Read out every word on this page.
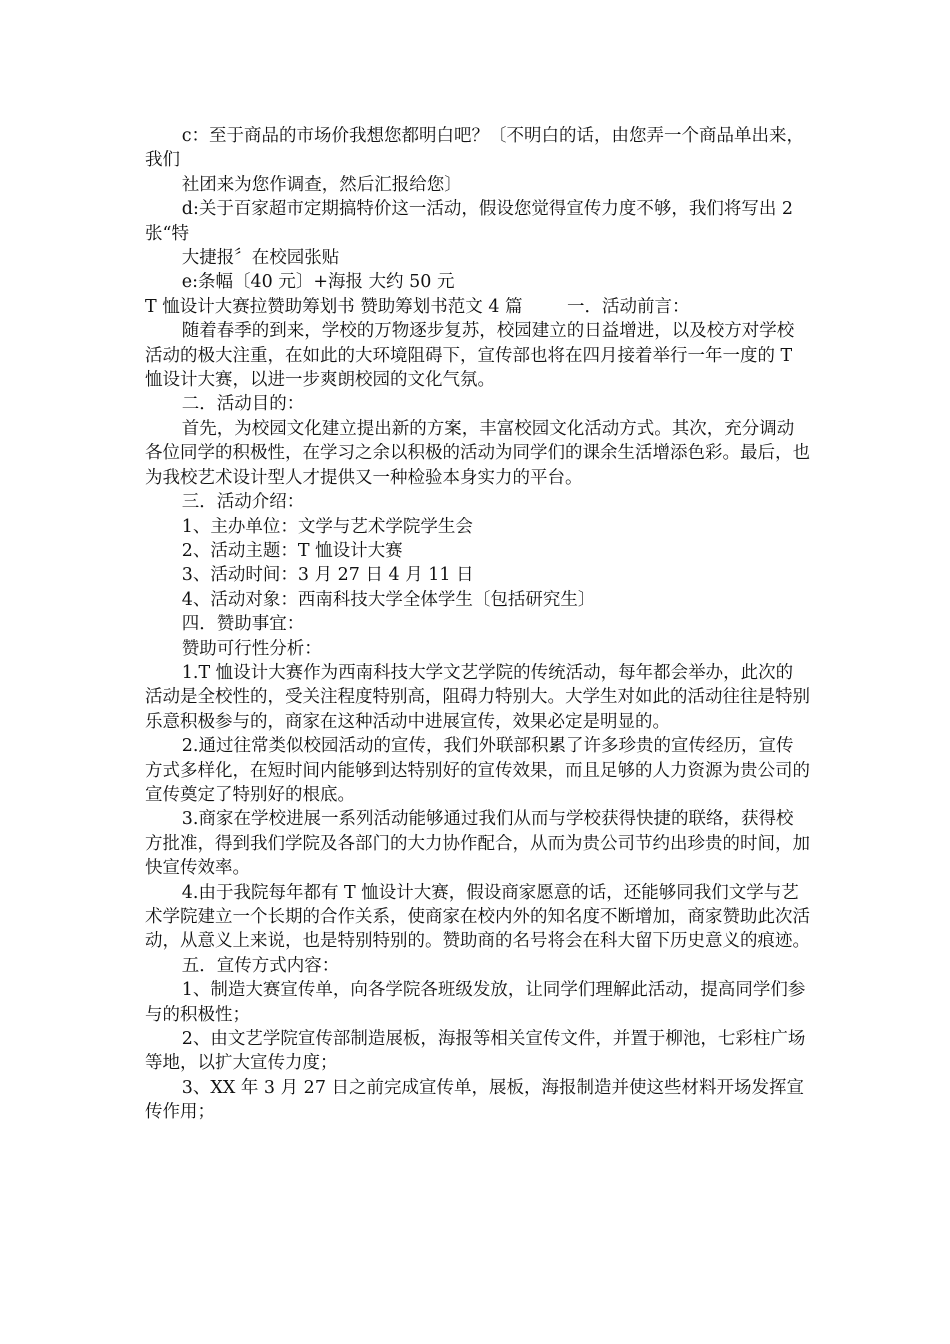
c：至于商品的市场价我想您都明白吧？〔不明白的话，由您弄一个商品单出来，我们

社团来为您作调查，然后汇报给您〕

d:关于百家超市定期搞特价这一活动，假设您觉得宣传力度不够，我们将写出 2 张“特

大捷报〞在校园张贴

e:条幅〔40 元〕+海报 大约 50 元

T 恤设计大赛拉赞助筹划书 赞助筹划书范文 4 篇        一．活动前言：

随着春季的到来，学校的万物逐步复苏，校园建立的日益增进，以及校方对学校活动的极大注重，在如此的大环境阻碍下，宣传部也将在四月接着举行一年一度的 T 恤设计大赛，以进一步爽朗校园的文化气氛。

二．活动目的：

首先，为校园文化建立提出新的方案，丰富校园文化活动方式。其次，充分调动各位同学的积极性，在学习之余以积极的活动为同学们的课余生活增添色彩。最后，也为我校艺术设计型人才提供又一种检验本身实力的平台。

三．活动介绍：

1、主办单位：文学与艺术学院学生会

2、活动主题：T 恤设计大赛

3、活动时间：3 月 27 日 4 月 11 日

4、活动对象：西南科技大学全体学生〔包括研究生〕

四．赞助事宜：

赞助可行性分析：

1.T 恤设计大赛作为西南科技大学文艺学院的传统活动，每年都会举办，此次的活动是全校性的，受关注程度特别高，阻碍力特别大。大学生对如此的活动往往是特别乐意积极参与的，商家在这种活动中进展宣传，效果必定是明显的。

2.通过往常类似校园活动的宣传，我们外联部积累了许多珍贵的宣传经历，宣传方式多样化，在短时间内能够到达特别好的宣传效果，而且足够的人力资源为贵公司的宣传奠定了特别好的根底。

3.商家在学校进展一系列活动能够通过我们从而与学校获得快捷的联络，获得校方批准，得到我们学院及各部门的大力协作配合，从而为贵公司节约出珍贵的时间，加快宣传效率。

4.由于我院每年都有 T 恤设计大赛，假设商家愿意的话，还能够同我们文学与艺术学院建立一个长期的合作关系，使商家在校内外的知名度不断增加，商家赞助此次活动，从意义上来说，也是特别特别的。赞助商的名号将会在科大留下历史意义的痕迹。

五．宣传方式内容：

1、制造大赛宣传单，向各学院各班级发放，让同学们理解此活动，提高同学们参与的积极性；

2、由文艺学院宣传部制造展板，海报等相关宣传文件，并置于柳池，七彩柱广场等地，以扩大宣传力度；

3、XX 年 3 月 27 日之前完成宣传单，展板，海报制造并使这些材料开场发挥宣传作用；
